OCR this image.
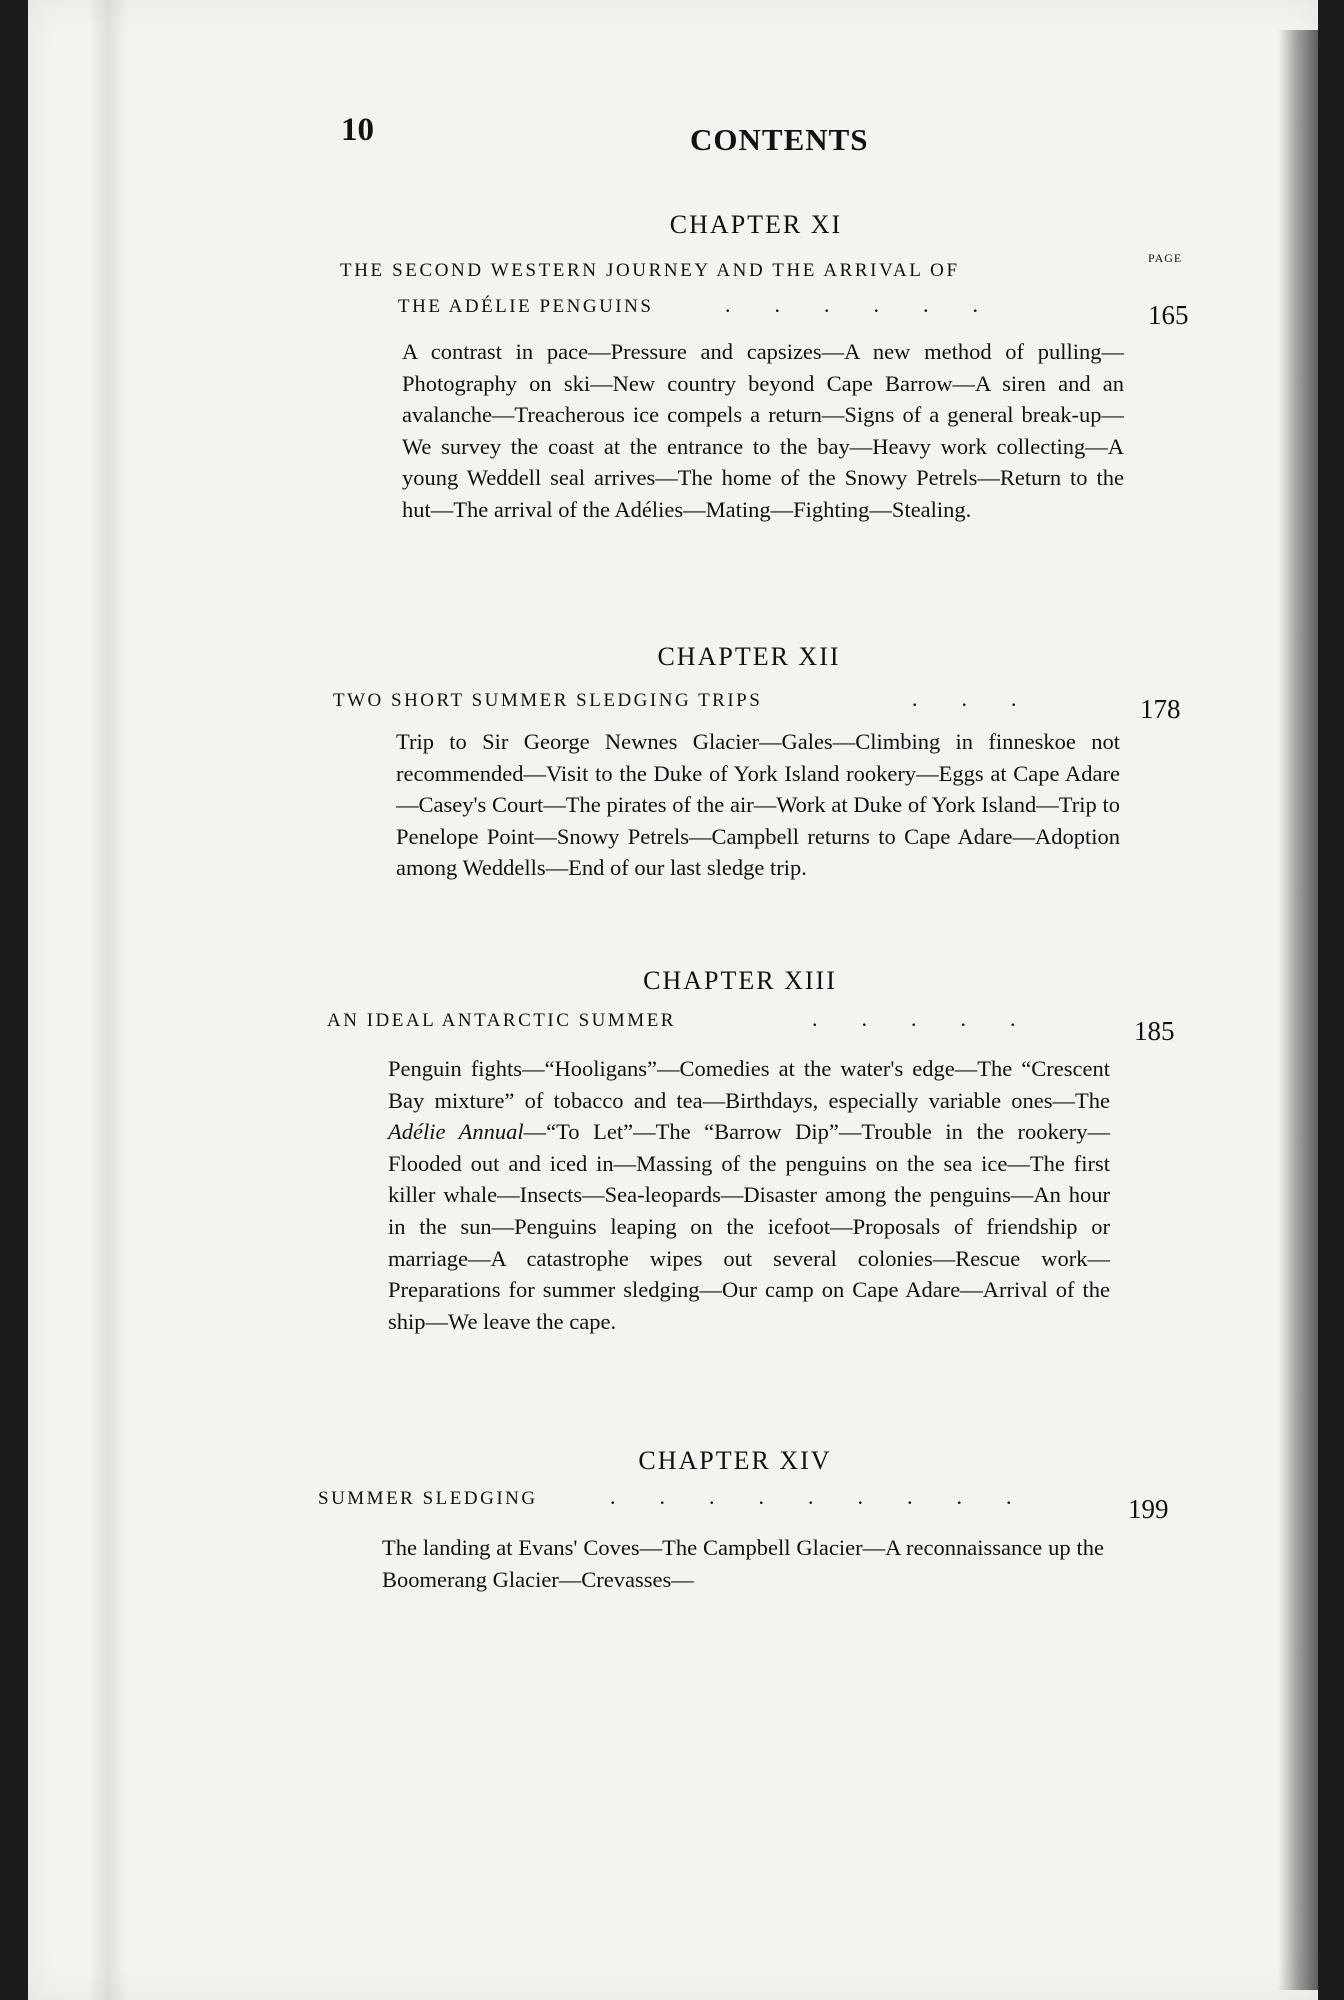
10	CONTENTS
PAGE
CHAPTER XI
THE SECOND WESTERN JOURNEY AND THE ARRIVAL OF
THE ADÉLIE PENGUINS	......	165
A contrast in pace—Pressure and capsizes—A new method of pulling—Photography on ski—New country beyond Cape Barrow—A siren and an avalanche—Treacherous ice compels a return—Signs of a general break-up—We survey the coast at the entrance to the bay—Heavy work collecting—A young Weddell seal arrives—The home of the Snowy Petrels—Return to the hut—The arrival of the Adélies—Mating—Fighting—Stealing.
CHAPTER XII
TWO SHORT SUMMER SLEDGING TRIPS	...	178
Trip to Sir George Newnes Glacier—Gales—Climbing in finneskoe not recommended—Visit to the Duke of York Island rookery—Eggs at Cape Adare—Casey's Court—The pirates of the air—Work at Duke of York Island—Trip to Penelope Point—Snowy Petrels—Campbell returns to Cape Adare—Adoption among Weddells—End of our last sledge trip.
CHAPTER XIII
AN IDEAL ANTARCTIC SUMMER	.....	185
Penguin fights—“Hooligans”—Comedies at the water's edge—The “Crescent Bay mixture” of tobacco and tea—Birthdays, especially variable ones—The Adélie Annual—“To Let”—The “Barrow Dip”—Trouble in the rookery—Flooded out and iced in—Massing of the penguins on the sea ice—The first killer whale—Insects—Sea-leopards—Disaster among the penguins—An hour in the sun—Penguins leaping on the icefoot—Proposals of friendship or marriage—A catastrophe wipes out several colonies—Rescue work—Preparations for summer sledging—Our camp on Cape Adare—Arrival of the ship—We leave the cape.
CHAPTER XIV
SUMMER SLEDGING	.........	199
The landing at Evans' Coves—The Campbell Glacier—A reconnaissance up the Boomerang Glacier—Crevasses—
